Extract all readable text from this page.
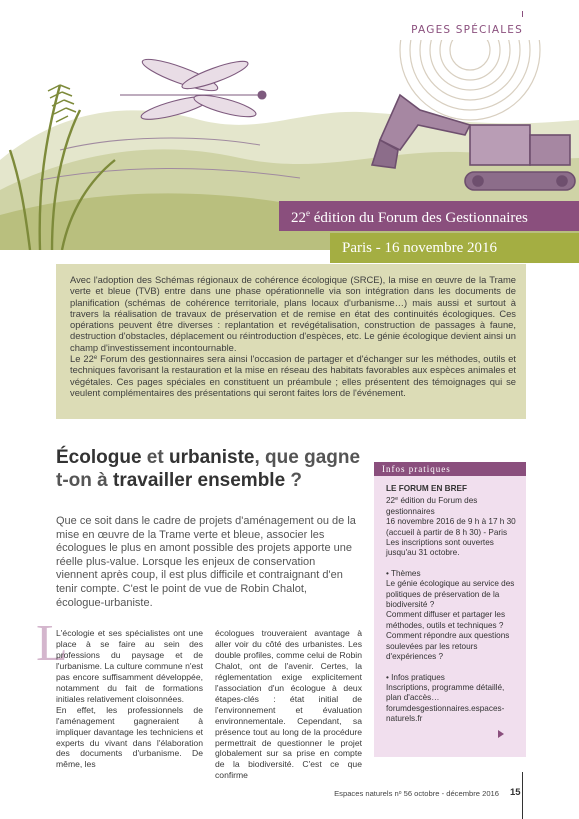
PAGES SPÉCIALES
22e édition du Forum des Gestionnaires
Paris - 16 novembre 2016

Avec l'adoption des Schémas régionaux de cohérence écologique (SRCE), la mise en œuvre de la Trame verte et bleue (TVB) entre dans une phase opérationnelle via son intégration dans les documents de planification (schémas de cohérence territoriale, plans locaux d'urbanisme…) mais aussi et surtout à travers la réalisation de travaux de préservation et de remise en état des continuités écologiques. Ces opérations peuvent être diverses : replantation et revégétalisation, construction de passages à faune, destruction d'obstacles, déplacement ou réintroduction d'espèces, etc. Le génie écologique devient ainsi un champ d'investissement incontournable.

Le 22e Forum des gestionnaires sera ainsi l'occasion de partager et d'échanger sur les méthodes, outils et techniques favorisant la restauration et la mise en réseau des habitats favorables aux espèces animales et végétales. Ces pages spéciales en constituent un préambule ; elles présentent des témoignages qui se veulent complémentaires des présentations qui seront faites lors de l'événement.

Écologue et urbaniste, que gagne t-on à travailler ensemble ?

Que ce soit dans le cadre de projets d'aménagement ou de la mise en œuvre de la Trame verte et bleue, associer les écologues le plus en amont possible des projets apporte une réelle plus-value. Lorsque les enjeux de conservation viennent après coup, il est plus difficile et contraignant d'en tenir compte. C'est le point de vue de Robin Chalot, écologue-urbaniste.

L

L'écologie et ses spécialistes ont une place à se faire au sein des professions du paysage et de l'urbanisme. La culture commune n'est pas encore suffisamment développée, notamment du fait de formations initiales relativement cloisonnées.

En effet, les professionnels de l'aménagement gagneraient à impliquer davantage les techniciens et experts du vivant dans l'élaboration des documents d'urbanisme. De même, les

écologues trouveraient avantage à aller voir du côté des urbanistes. Les double profiles, comme celui de Robin Chalot, ont de l'avenir. Certes, la réglementation exige explicitement l'association d'un écologue à deux étapes-clés : état initial de l'environnement et évaluation environnementale. Cependant, sa présence tout au long de la procédure permettrait de questionner le projet globalement sur sa prise en compte de la biodiversité. C'est ce que confirme

Infos pratiques
LE FORUM EN BREF
22e édition du Forum des gestionnaires
16 novembre 2016 de 9 h à 17 h 30 (accueil à partir de 8 h 30) - Paris
Les inscriptions sont ouvertes jusqu'au 31 octobre.
• Thèmes
Le génie écologique au service des politiques de préservation de la biodiversité ?
Comment diffuser et partager les méthodes, outils et techniques ?
Comment répondre aux questions soulevées par les retours d'expériences ?
• Infos pratiques
Inscriptions, programme détaillé, plan d'accès… forumdesgestionnaires.espaces-naturels.fr
Espaces naturels $n^o$ 56 octobre - décembre 2016 15
